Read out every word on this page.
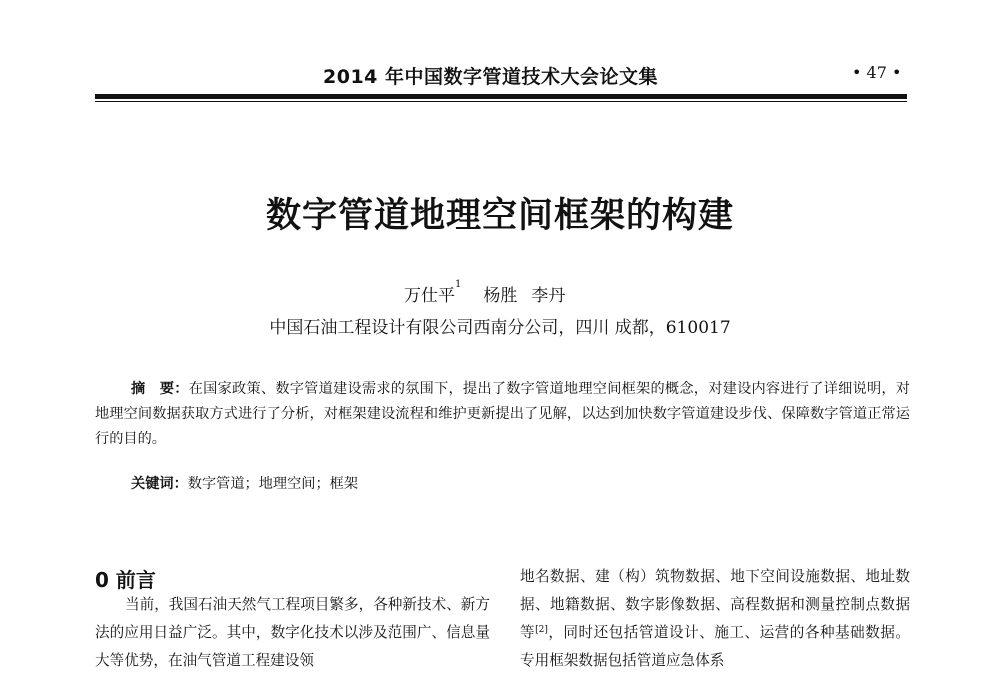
2014 年中国数字管道技术大会论文集	• 47 •
数字管道地理空间框架的构建
万仕平$^1$杨胜 李丹
中国石油工程设计有限公司西南分公司，四川 成都，610017
摘　要：在国家政策、数字管道建设需求的氛围下，提出了数字管道地理空间框架的概念，对建设内容进行了详细说明，对地理空间数据获取方式进行了分析，对框架建设流程和维护更新提出了见解，以达到加快数字管道建设步伐、保障数字管道正常运行的目的。
关键词：数字管道；地理空间；框架
0 前言
当前，我国石油天然气工程项目繁多，各种新技术、新方法的应用日益广泛。其中，数字化技术以涉及范围广、信息量大等优势，在油气管道工程建设领
地名数据、建（构）筑物数据、地下空间设施数据、地址数据、地籍数据、数字影像数据、高程数据和测量控制点数据等[2]，同时还包括管道设计、施工、运营的各种基础数据。专用框架数据包括管道应急体系
